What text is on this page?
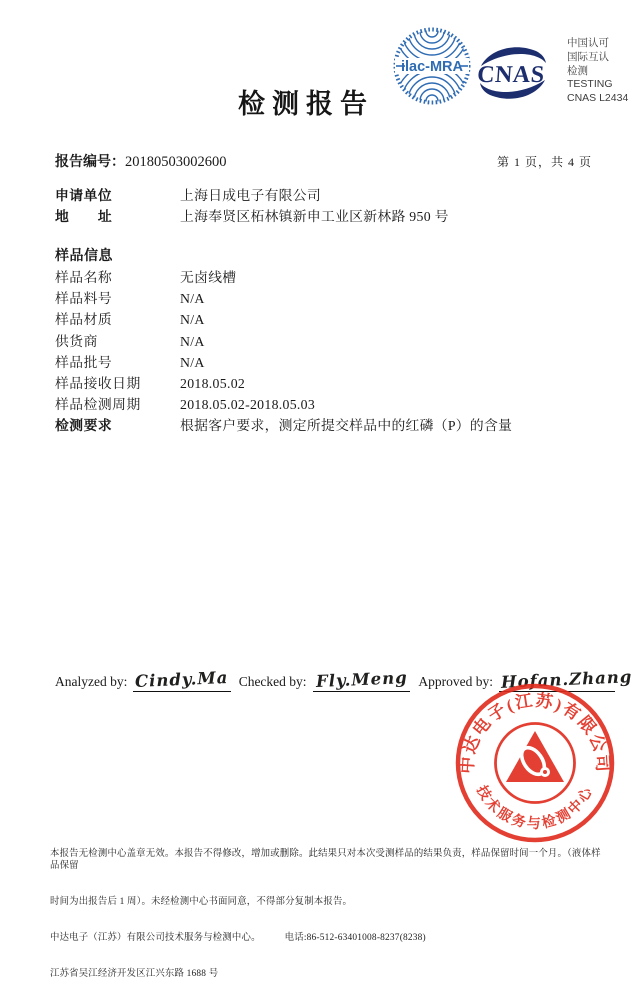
检测报告
ilac-MRA CNAS
中国认可
国际互认
检测
TESTING
CNAS L2434
报告编号：20180503002600	第 1 页，共 4 页
申请单位	上海日成电子有限公司
地　　址	上海奉贤区柘林镇新申工业区新林路 950 号
样品信息
样品名称	无卤线槽
样品料号	N/A
样品材质	N/A
供货商	N/A
样品批号	N/A
样品接收日期	2018.05.02
样品检测周期	2018.05.02-2018.05.03
检测要求	根据客户要求，测定所提交样品中的红磷（P）的含量
Analyzed by: Cindy.Ma Checked by: Fly.Meng Approved by: Hofan.Zhang
中达电子(江苏)有限公司
技术服务与检测中心

本报告无检测中心盖章无效。本报告不得修改，增加或删除。此结果只对本次受测样品的结果负责，样品保留时间一个月。（液体样品保留

时间为出报告后 1 周）。未经检测中心书面同意，不得部分复制本报告。

中达电子（江苏）有限公司技术服务与检测中心。　　　电话:86-512-63401008-8237(8238)

江苏省吴江经济开发区江兴东路 1688 号
